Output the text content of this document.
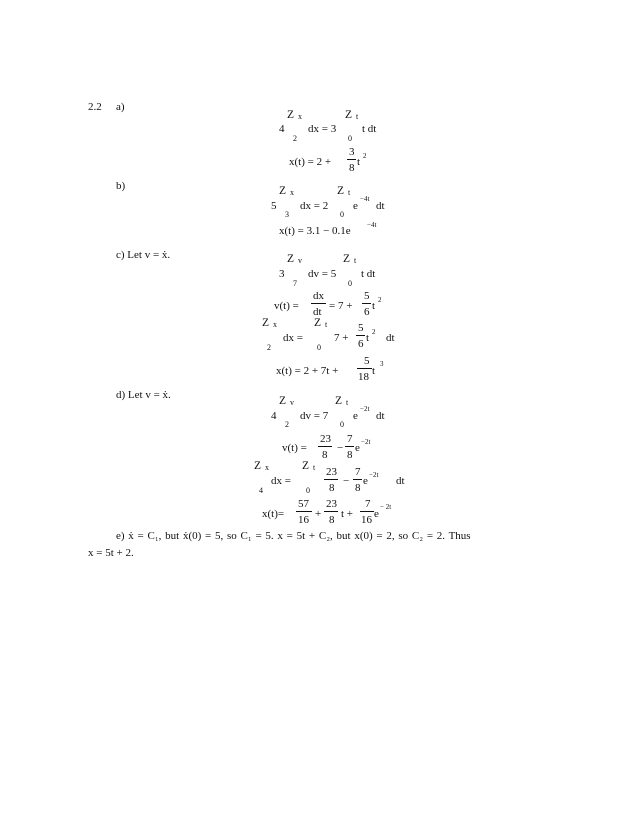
2.2 a)
Z x
4
2
dx = 3
Z t
0
t dt
x(t) = 2 +
3
8 t 2
b)	Z x
5
3
dx = 2
Z t
0
e
−4t
dt
x(t) = 3.1 − 0.1e −4t
c) Let v = ẋ.	Z v
3
7
dv = 5
Z t
0
t dt
v(t) =
dx
dt = 7 +
5
6 t 2
Z x
2
dx =
Z t
0
7 +
5
6 t 2 dt
x(t) = 2 + 7t +
5
18 t
3
d) Let v = ẋ.	Z v
4
2
dv = 7
Z t
0
e
−2t
dt
v(t) =
23
8
−
7
8
e −2t
Z x
4
dx =
Z t
0
23
8
−
7
8
e −2t dt
x(t)=
57
16 +
23
8 t +
7
16 e
− 2t
e) ẋ = C₁, but ẋ(0) = 5, so C₁ = 5. x = 5t + C₂, but x(0) = 2, so C₂ = 2. Thus
x = 5t + 2.
